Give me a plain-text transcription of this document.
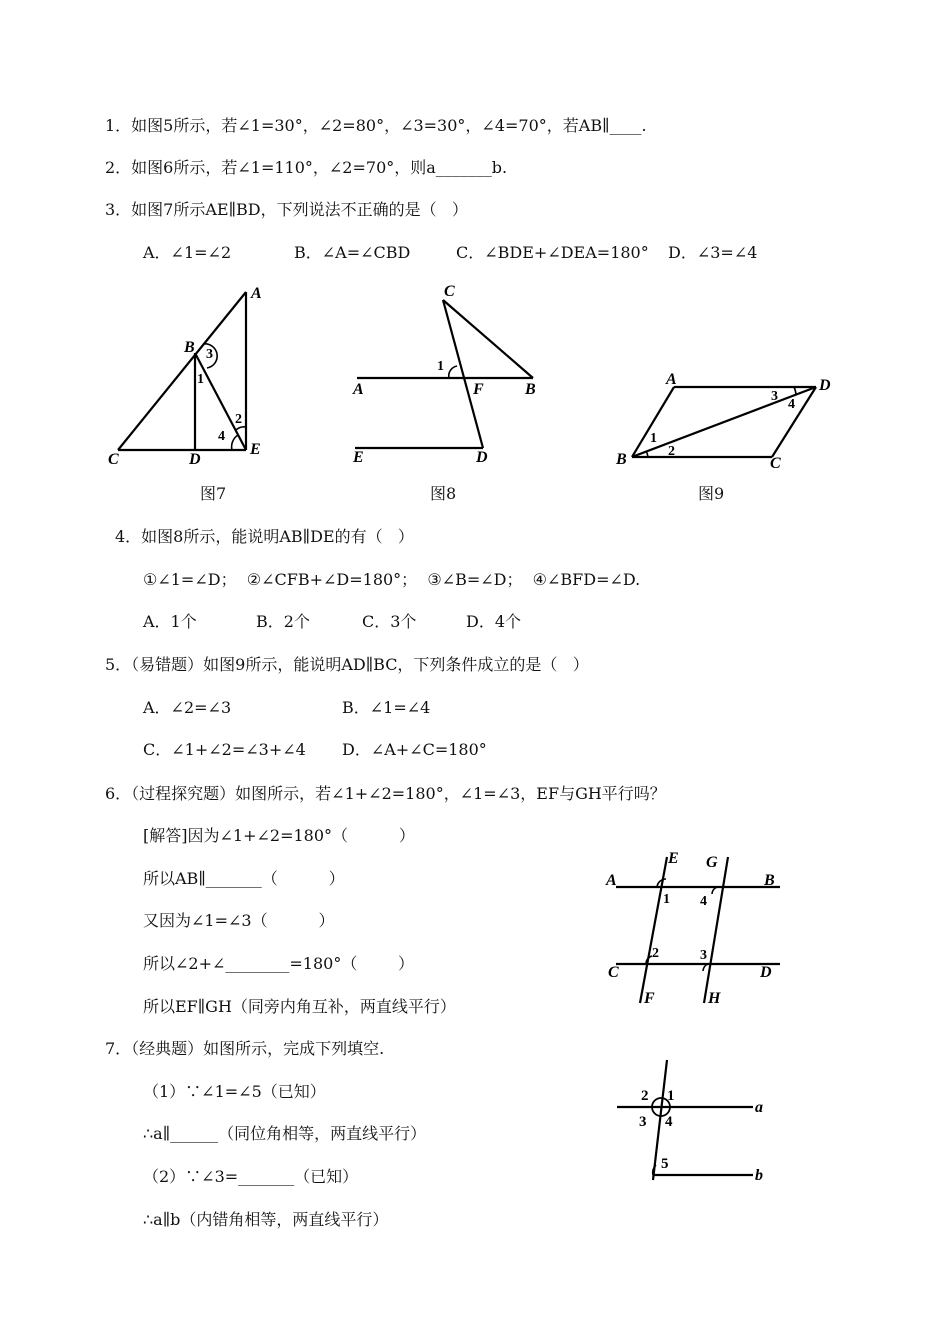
1．如图5所示，若∠1=30°，∠2=80°，∠3=30°，∠4=70°，若AB∥____.
2．如图6所示，若∠1=110°，∠2=70°，则a_______b.
3．如图7所示AE∥BD，下列说法不正确的是（   ）
A．∠1=∠2	B．∠A=∠CBD	C．∠BDE+∠DEA=180° D．∠3=∠4
A
B 3
1
2
4
C	D
E
图7
C
1
A	F	B
E	D
图8
A	D
3
4
1
2
B	C
图9
4．如图8所示，能说明AB∥DE的有（   ）
①∠1=∠D；  ②∠CFB+∠D=180°；  ③∠B=∠D；  ④∠BFD=∠D.
A．1个	B．2个	C．3个	D．4个
5．（易错题）如图9所示，能说明AD∥BC，下列条件成立的是（   ）
A．∠2=∠3	B．∠1=∠4
C．∠1+∠2=∠3+∠4 D．∠A+∠C=180°
6．（过程探究题）如图所示，若∠1+∠2=180°，∠1=∠3，EF与GH平行吗？
[解答]因为∠1+∠2=180°（          ）
所以AB∥_______（          ）
又因为∠1=∠3（          ）
所以∠2+∠________=180°（        ）
所以EF∥GH（同旁内角互补，两直线平行）
E G
A	B
1 4
2	3
C	D
F	H
7．（经典题）如图所示，完成下列填空.
（1）∵∠1=∠5（已知）
∴a∥______（同位角相等，两直线平行）
（2）∵∠3=_______（已知）
∴a∥b（内错角相等，两直线平行）
2 1
3 4
a
5
b
